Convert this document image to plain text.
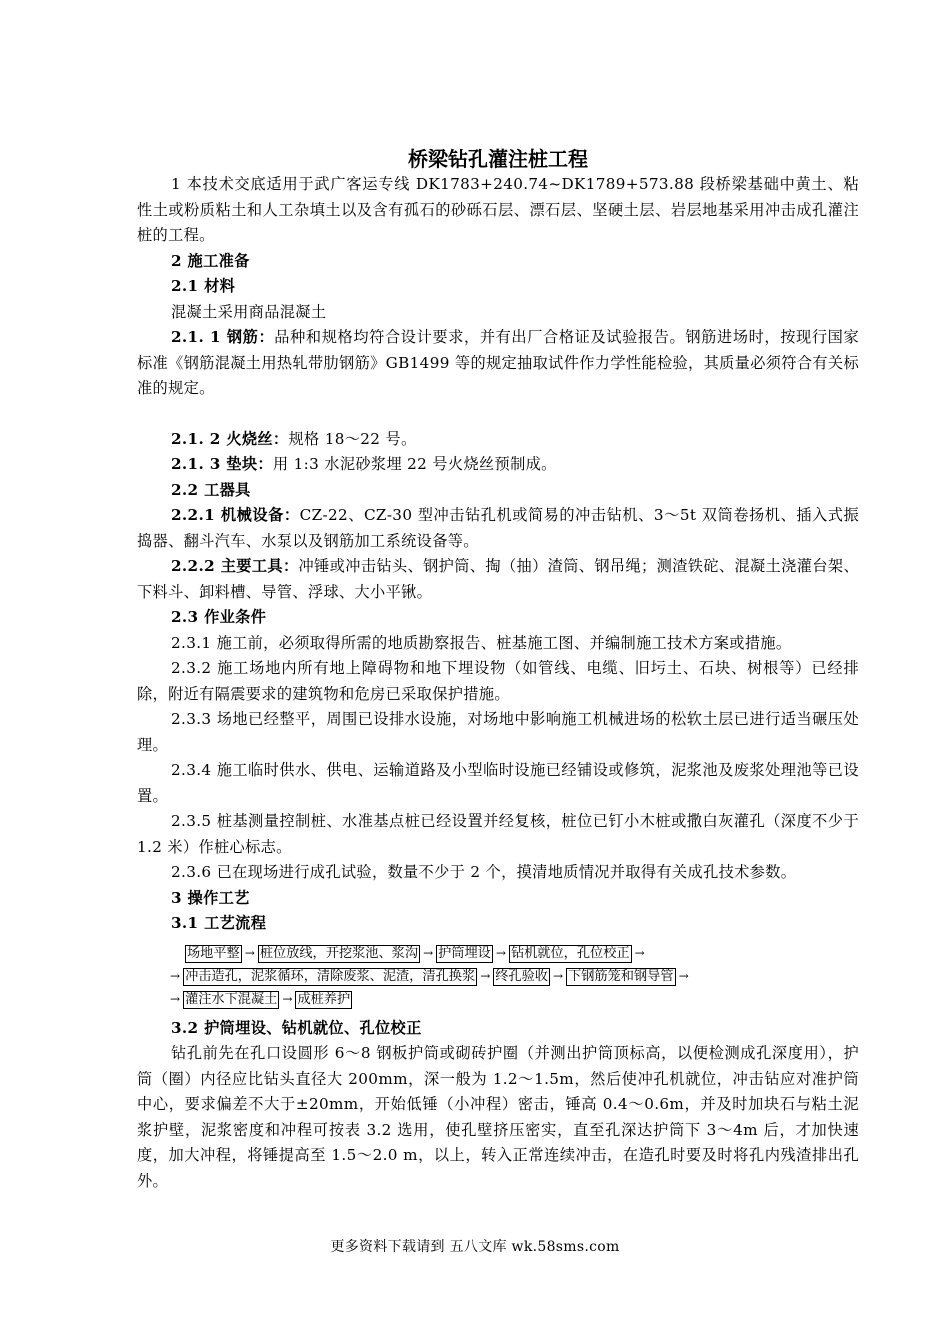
桥梁钻孔灌注桩工程

1 本技术交底适用于武广客运专线 DK1783+240.74~DK1789+573.88 段桥梁基础中黄土、粘性土或粉质粘土和人工杂填土以及含有孤石的砂砾石层、漂石层、坚硬土层、岩层地基采用冲击成孔灌注桩的工程。

2 施工准备

2.1 材料

混凝土采用商品混凝土

2.1. 1 钢筋：品种和规格均符合设计要求，并有出厂合格证及试验报告。钢筋进场时，按现行国家标准《钢筋混凝土用热轧带肋钢筋》GB1499 等的规定抽取试件作力学性能检验，其质量必须符合有关标准的规定。

2.1. 2 火烧丝：规格 18～22 号。

2.1. 3 垫块：用 1:3 水泥砂浆埋 22 号火烧丝预制成。

2.2 工器具

2.2.1 机械设备：CZ-22、CZ-30 型冲击钻孔机或简易的冲击钻机、3～5t 双筒卷扬机、插入式振捣器、翻斗汽车、水泵以及钢筋加工系统设备等。

2.2.2 主要工具：冲锤或冲击钻头、钢护筒、掏（抽）渣筒、钢吊绳；测渣铁砣、混凝土浇灌台架、下料斗、卸料槽、导管、浮球、大小平锹。

2.3 作业条件

2.3.1 施工前，必须取得所需的地质勘察报告、桩基施工图、并编制施工技术方案或措施。

2.3.2 施工场地内所有地上障碍物和地下埋设物（如管线、电缆、旧圬土、石块、树根等）已经排除，附近有隔震要求的建筑物和危房已采取保护措施。

2.3.3 场地已经整平，周围已设排水设施，对场地中影响施工机械进场的松软土层已进行适当碾压处理。

2.3.4 施工临时供水、供电、运输道路及小型临时设施已经铺设或修筑，泥浆池及废浆处理池等已设置。

2.3.5 桩基测量控制桩、水准基点桩已经设置并经复核，桩位已钉小木桩或撒白灰灌孔（深度不少于 1.2 米）作桩心标志。

2.3.6 已在现场进行成孔试验，数量不少于 2 个，摸清地质情况并取得有关成孔技术参数。

3 操作工艺

3.1 工艺流程

场地平整 → 桩位放线，开挖浆池、浆沟 → 护筒埋设 → 钻机就位，孔位校正 →
→ 冲击造孔，泥浆循环，清除废浆、泥渣，清孔换浆 → 终孔验收 → 下钢筋笼和钢导管 →
→ 灌注水下混凝土 → 成桩养护

3.2 护筒埋设、钻机就位、孔位校正

钻孔前先在孔口设圆形 6～8 钢板护筒或砌砖护圈（并测出护筒顶标高，以便检测成孔深度用），护筒（圈）内径应比钻头直径大 200mm，深一般为 1.2～1.5m，然后使冲孔机就位，冲击钻应对准护筒中心，要求偏差不大于±20mm，开始低锤（小冲程）密击，锤高 0.4～0.6m，并及时加块石与粘土泥浆护壁，泥浆密度和冲程可按表 3.2 选用，使孔壁挤压密实，直至孔深达护筒下 3～4m 后，才加快速度，加大冲程，将锤提高至 1.5～2.0 m，以上，转入正常连续冲击，在造孔时要及时将孔内残渣排出孔外。

更多资料下载请到 五八文库 wk.58sms.com
